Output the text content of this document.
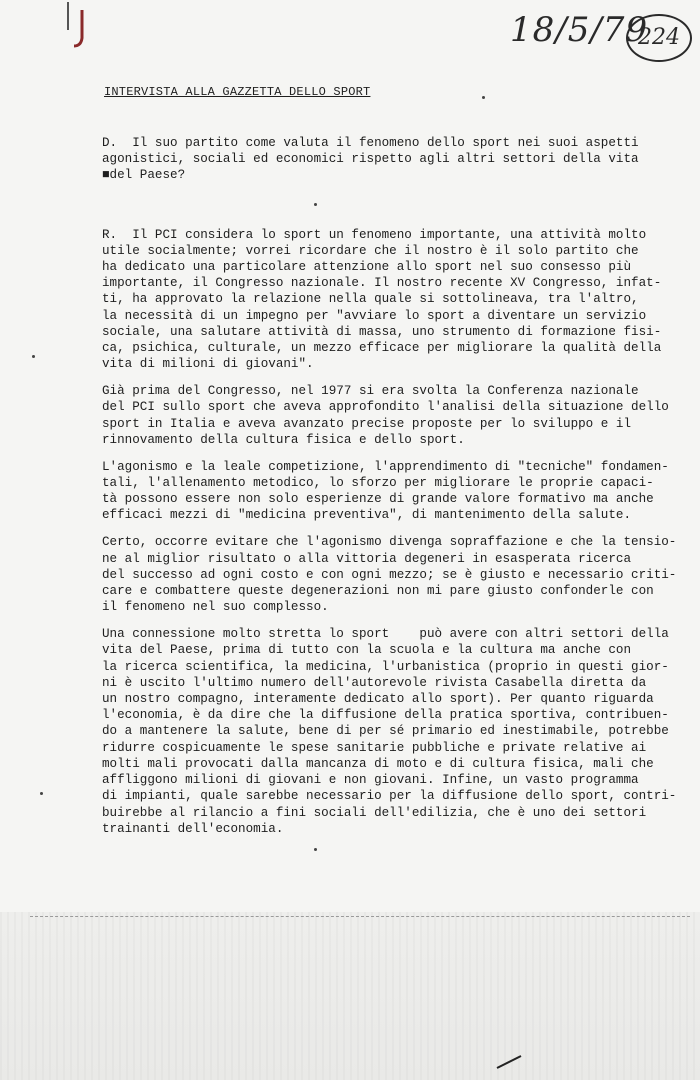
18/5/79
224
INTERVISTA ALLA GAZZETTA DELLO SPORT

D.  Il suo partito come valuta il fenomeno dello sport nei suoi aspetti
agonistici, sociali ed economici rispetto agli altri settori della vita
■del Paese?

R.  Il PCI considera lo sport un fenomeno importante, una attività molto
utile socialmente; vorrei ricordare che il nostro è il solo partito che
ha dedicato una particolare attenzione allo sport nel suo consesso più
importante, il Congresso nazionale. Il nostro recente XV Congresso, infat-
ti, ha approvato la relazione nella quale si sottolineava, tra l'altro,
la necessità di un impegno per "avviare lo sport a diventare un servizio
sociale, una salutare attività di massa, uno strumento di formazione fisi-
ca, psichica, culturale, un mezzo efficace per migliorare la qualità della
vita di milioni di giovani".

Già prima del Congresso, nel 1977 si era svolta la Conferenza nazionale
del PCI sullo sport che aveva approfondito l'analisi della situazione dello
sport in Italia e aveva avanzato precise proposte per lo sviluppo e il
rinnovamento della cultura fisica e dello sport.

L'agonismo e la leale competizione, l'apprendimento di "tecniche" fondamen-
tali, l'allenamento metodico, lo sforzo per migliorare le proprie capaci-
tà possono essere non solo esperienze di grande valore formativo ma anche
efficaci mezzi di "medicina preventiva", di mantenimento della salute.

Certo, occorre evitare che l'agonismo divenga sopraffazione e che la tensio-
ne al miglior risultato o alla vittoria degeneri in esasperata ricerca
del successo ad ogni costo e con ogni mezzo; se è giusto e necessario criti-
care e combattere queste degenerazioni non mi pare giusto confonderle con
il fenomeno nel suo complesso.

Una connessione molto stretta lo sport    può avere con altri settori della
vita del Paese, prima di tutto con la scuola e la cultura ma anche con
la ricerca scientifica, la medicina, l'urbanistica (proprio in questi gior-
ni è uscito l'ultimo numero dell'autorevole rivista Casabella diretta da
un nostro compagno, interamente dedicato allo sport). Per quanto riguarda
l'economia, è da dire che la diffusione della pratica sportiva, contribuen-
do a mantenere la salute, bene di per sé primario ed inestimabile, potrebbe
ridurre cospicuamente le spese sanitarie pubbliche e private relative ai
molti mali provocati dalla mancanza di moto e di cultura fisica, mali che
affliggono milioni di giovani e non giovani. Infine, un vasto programma
di impianti, quale sarebbe necessario per la diffusione dello sport, contri-
buirebbe al rilancio a fini sociali dell'edilizia, che è uno dei settori
trainanti dell'economia.
